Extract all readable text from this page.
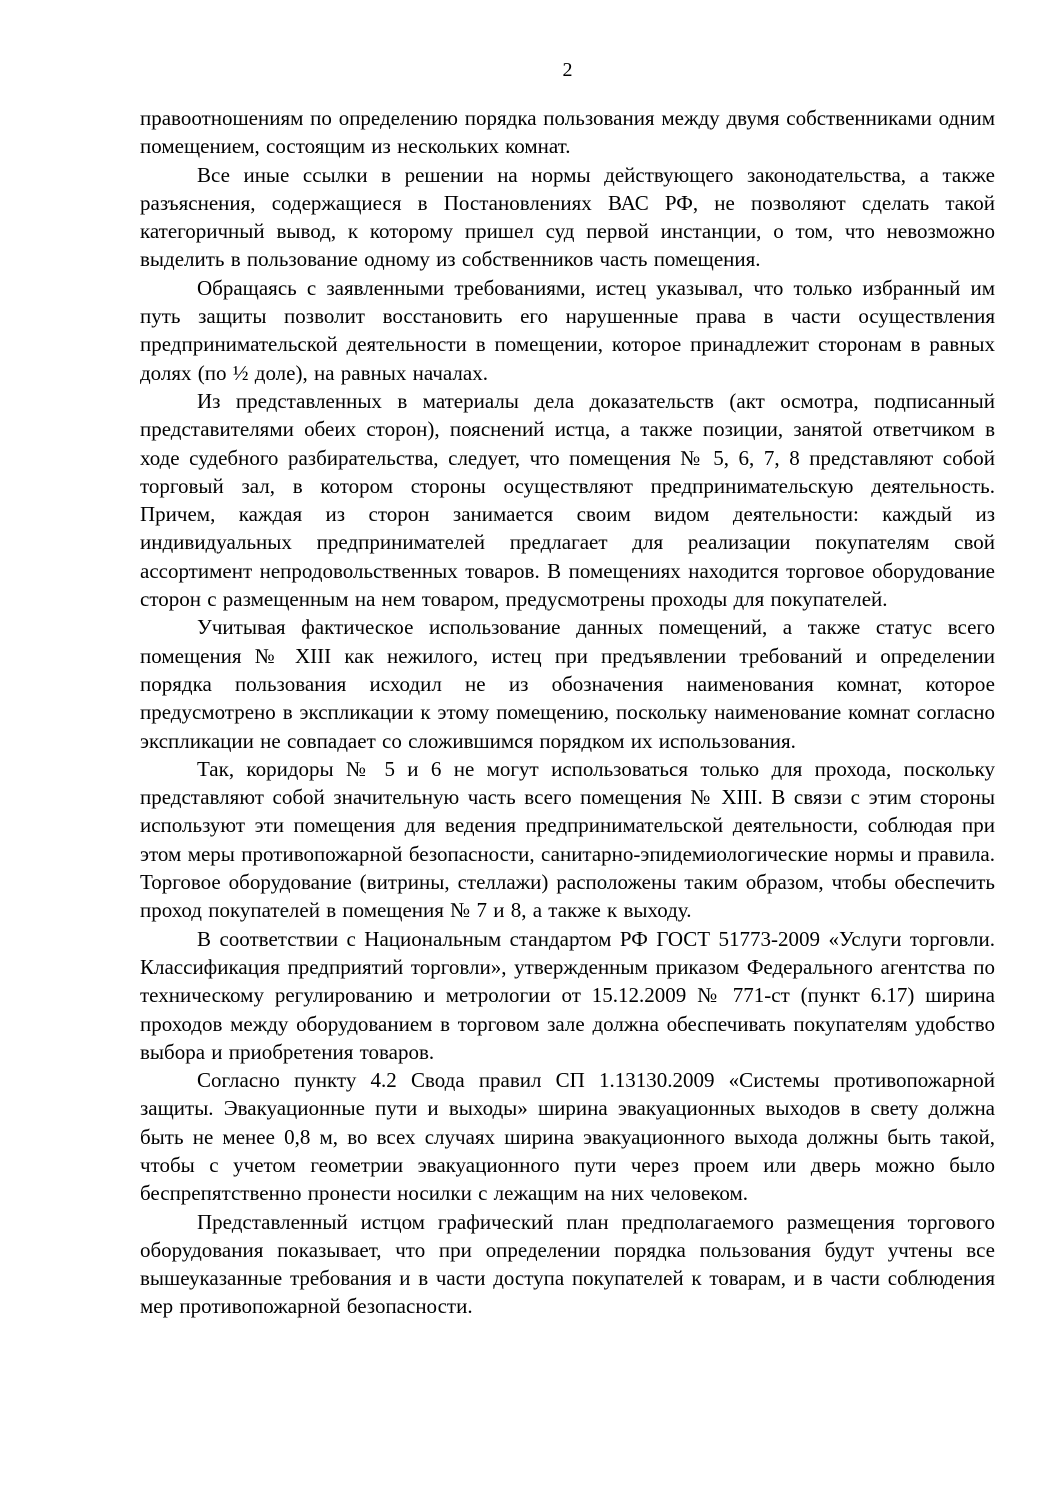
2

правоотношениям по определению порядка пользования между двумя собственниками одним помещением, состоящим из нескольких комнат.

Все иные ссылки в решении на нормы действующего законодательства, а также разъяснения, содержащиеся в Постановлениях ВАС РФ, не позволяют сделать такой категоричный вывод, к которому пришел суд первой инстанции, о том, что невозможно выделить в пользование одному из собственников часть помещения.

Обращаясь с заявленными требованиями, истец указывал, что только избранный им путь защиты позволит восстановить его нарушенные права в части осуществления предпринимательской деятельности в помещении, которое принадлежит сторонам в равных долях (по ½ доле), на равных началах.

Из представленных в материалы дела доказательств (акт осмотра, подписанный представителями обеих сторон), пояснений истца, а также позиции, занятой ответчиком в ходе судебного разбирательства, следует, что помещения № 5, 6, 7, 8 представляют собой торговый зал, в котором стороны осуществляют предпринимательскую деятельность. Причем, каждая из сторон занимается своим видом деятельности: каждый из индивидуальных предпринимателей предлагает для реализации покупателям свой ассортимент непродовольственных товаров. В помещениях находится торговое оборудование сторон с размещенным на нем товаром, предусмотрены проходы для покупателей.

Учитывая фактическое использование данных помещений, а также статус всего помещения № XIII как нежилого, истец при предъявлении требований и определении порядка пользования исходил не из обозначения наименования комнат, которое предусмотрено в экспликации к этому помещению, поскольку наименование комнат согласно экспликации не совпадает со сложившимся порядком их использования.

Так, коридоры № 5 и 6 не могут использоваться только для прохода, поскольку представляют собой значительную часть всего помещения № XIII. В связи с этим стороны используют эти помещения для ведения предпринимательской деятельности, соблюдая при этом меры противопожарной безопасности, санитарно-эпидемиологические нормы и правила. Торговое оборудование (витрины, стеллажи) расположены таким образом, чтобы обеспечить проход покупателей в помещения № 7 и 8, а также к выходу.

В соответствии с Национальным стандартом РФ ГОСТ 51773-2009 «Услуги торговли. Классификация предприятий торговли», утвержденным приказом Федерального агентства по техническому регулированию и метрологии от 15.12.2009 № 771-ст (пункт 6.17) ширина проходов между оборудованием в торговом зале должна обеспечивать покупателям удобство выбора и приобретения товаров.

Согласно пункту 4.2 Свода правил СП 1.13130.2009 «Системы противопожарной защиты. Эвакуационные пути и выходы» ширина эвакуационных выходов в свету должна быть не менее 0,8 м, во всех случаях ширина эвакуационного выхода должны быть такой, чтобы с учетом геометрии эвакуационного пути через проем или дверь можно было беспрепятственно пронести носилки с лежащим на них человеком.

Представленный истцом графический план предполагаемого размещения торгового оборудования показывает, что при определении порядка пользования будут учтены все вышеуказанные требования и в части доступа покупателей к товарам, и в части соблюдения мер противопожарной безопасности.
